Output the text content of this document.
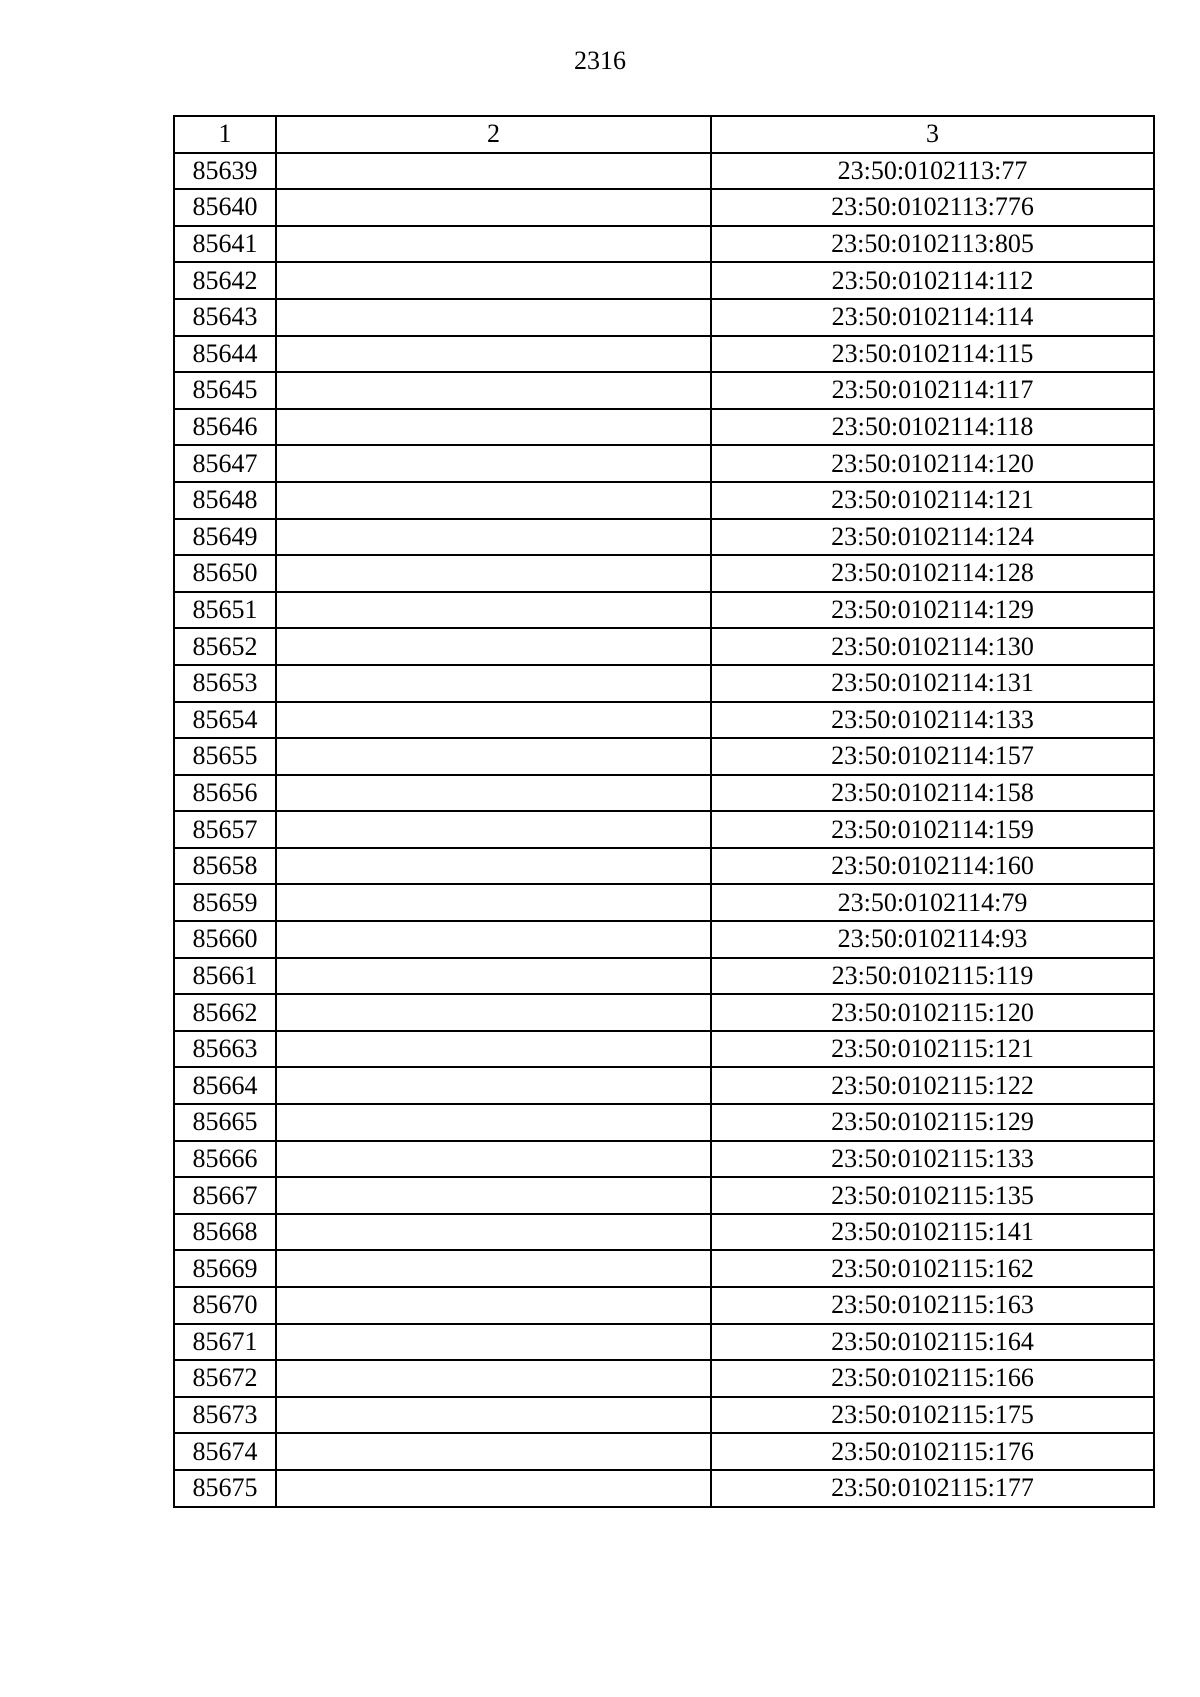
2316
1	2	3
85639		23:50:0102113:77
85640		23:50:0102113:776
85641		23:50:0102113:805
85642		23:50:0102114:112
85643		23:50:0102114:114
85644		23:50:0102114:115
85645		23:50:0102114:117
85646		23:50:0102114:118
85647		23:50:0102114:120
85648		23:50:0102114:121
85649		23:50:0102114:124
85650		23:50:0102114:128
85651		23:50:0102114:129
85652		23:50:0102114:130
85653		23:50:0102114:131
85654		23:50:0102114:133
85655		23:50:0102114:157
85656		23:50:0102114:158
85657		23:50:0102114:159
85658		23:50:0102114:160
85659		23:50:0102114:79
85660		23:50:0102114:93
85661		23:50:0102115:119
85662		23:50:0102115:120
85663		23:50:0102115:121
85664		23:50:0102115:122
85665		23:50:0102115:129
85666		23:50:0102115:133
85667		23:50:0102115:135
85668		23:50:0102115:141
85669		23:50:0102115:162
85670		23:50:0102115:163
85671		23:50:0102115:164
85672		23:50:0102115:166
85673		23:50:0102115:175
85674		23:50:0102115:176
85675		23:50:0102115:177
